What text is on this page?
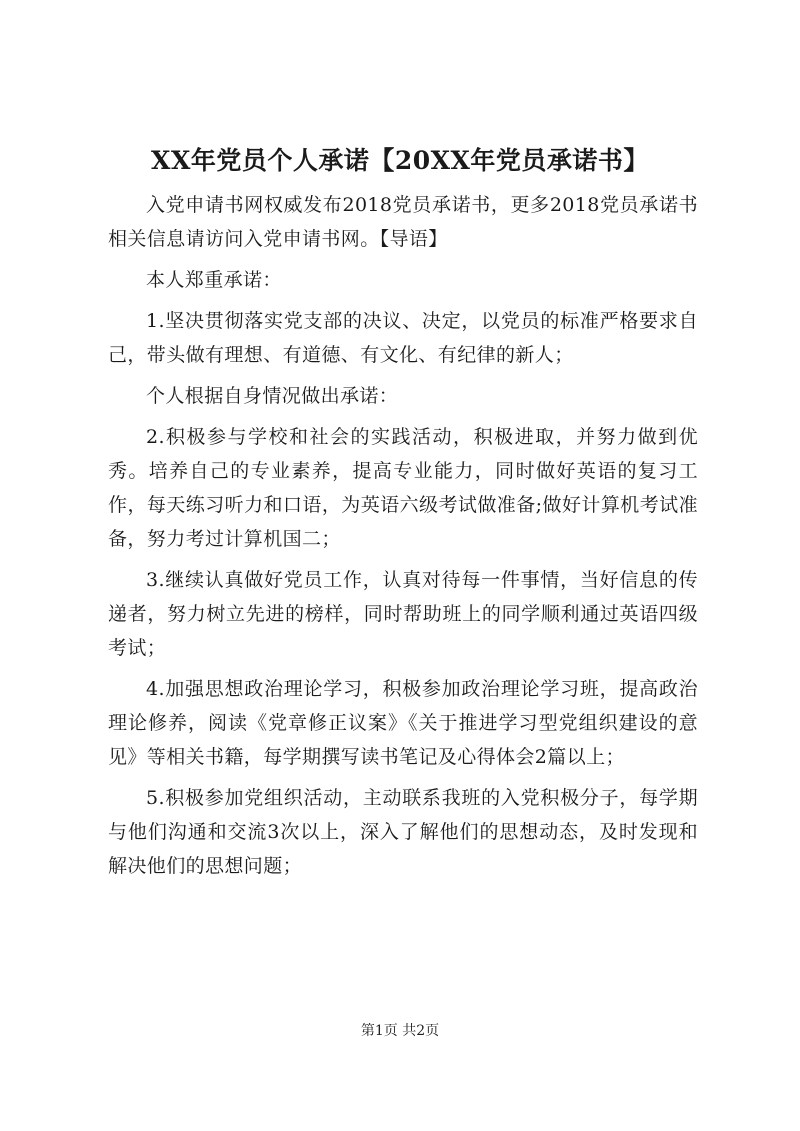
XX年党员个人承诺【20XX年党员承诺书】

入党申请书网权威发布2018党员承诺书，更多2018党员承诺书相关信息请访问入党申请书网。【导语】

本人郑重承诺：

1.坚决贯彻落实党支部的决议、决定，以党员的标准严格要求自己，带头做有理想、有道德、有文化、有纪律的新人；

个人根据自身情况做出承诺：

2.积极参与学校和社会的实践活动，积极进取，并努力做到优秀。培养自己的专业素养，提高专业能力，同时做好英语的复习工作，每天练习听力和口语，为英语六级考试做准备;做好计算机考试准备，努力考过计算机国二；

3.继续认真做好党员工作，认真对待每一件事情，当好信息的传递者，努力树立先进的榜样，同时帮助班上的同学顺利通过英语四级考试；

4.加强思想政治理论学习，积极参加政治理论学习班，提高政治理论修养，阅读《党章修正议案》《关于推进学习型党组织建设的意见》等相关书籍，每学期撰写读书笔记及心得体会2篇以上；

5.积极参加党组织活动，主动联系我班的入党积极分子，每学期与他们沟通和交流3次以上，深入了解他们的思想动态，及时发现和解决他们的思想问题；

第1页 共2页
